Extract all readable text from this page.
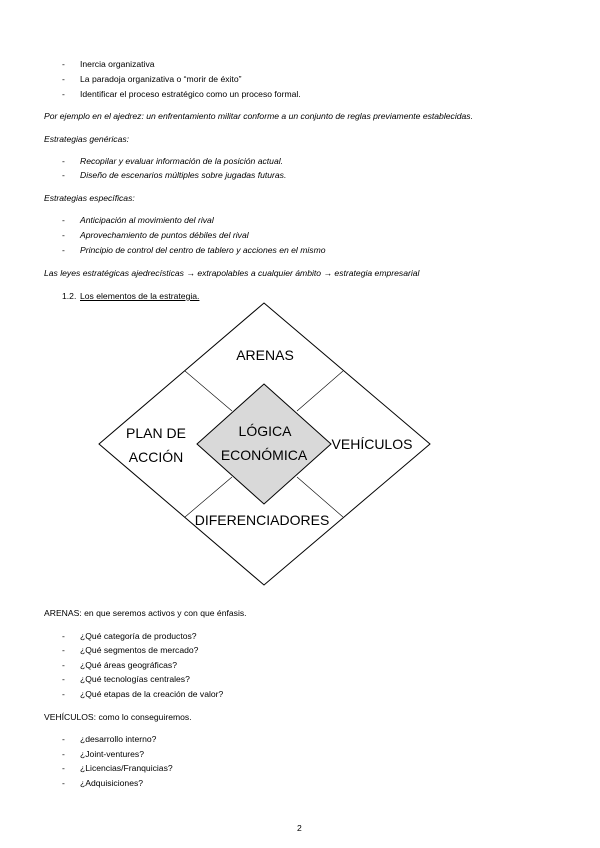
- Inercia organizativa
- La paradoja organizativa o “morir de éxito”
- Identificar el proceso estratégico como un proceso formal.
Por ejemplo en el ajedrez: un enfrentamiento militar conforme a un conjunto de reglas previamente establecidas.
Estrategias genéricas:
- Recopilar y evaluar información de la posición actual.
- Diseño de escenarios múltiples sobre jugadas futuras.
Estrategias específicas:
- Anticipación al movimiento del rival
- Aprovechamiento de puntos débiles del rival
- Principio de control del centro de tablero y acciones en el mismo
Las leyes estratégicas ajedrecísticas → extrapolables a cualquier ámbito → estrategia empresarial
1.2. Los elementos de la estrategia.
ARENAS
PLAN DE
ACCIÓN
VEHÍCULOS
DIFERENCIADORES
LÓGICA
ECONÓMICA
ARENAS: en que seremos activos y con que énfasis.
- ¿Qué categoría de productos?
- ¿Qué segmentos de mercado?
- ¿Qué áreas geográficas?
- ¿Qué tecnologías centrales?
- ¿Qué etapas de la creación de valor?
VEHÍCULOS: como lo conseguiremos.
- ¿desarrollo interno?
- ¿Joint-ventures?
- ¿Licencias/Franquicias?
- ¿Adquisiciones?
2
